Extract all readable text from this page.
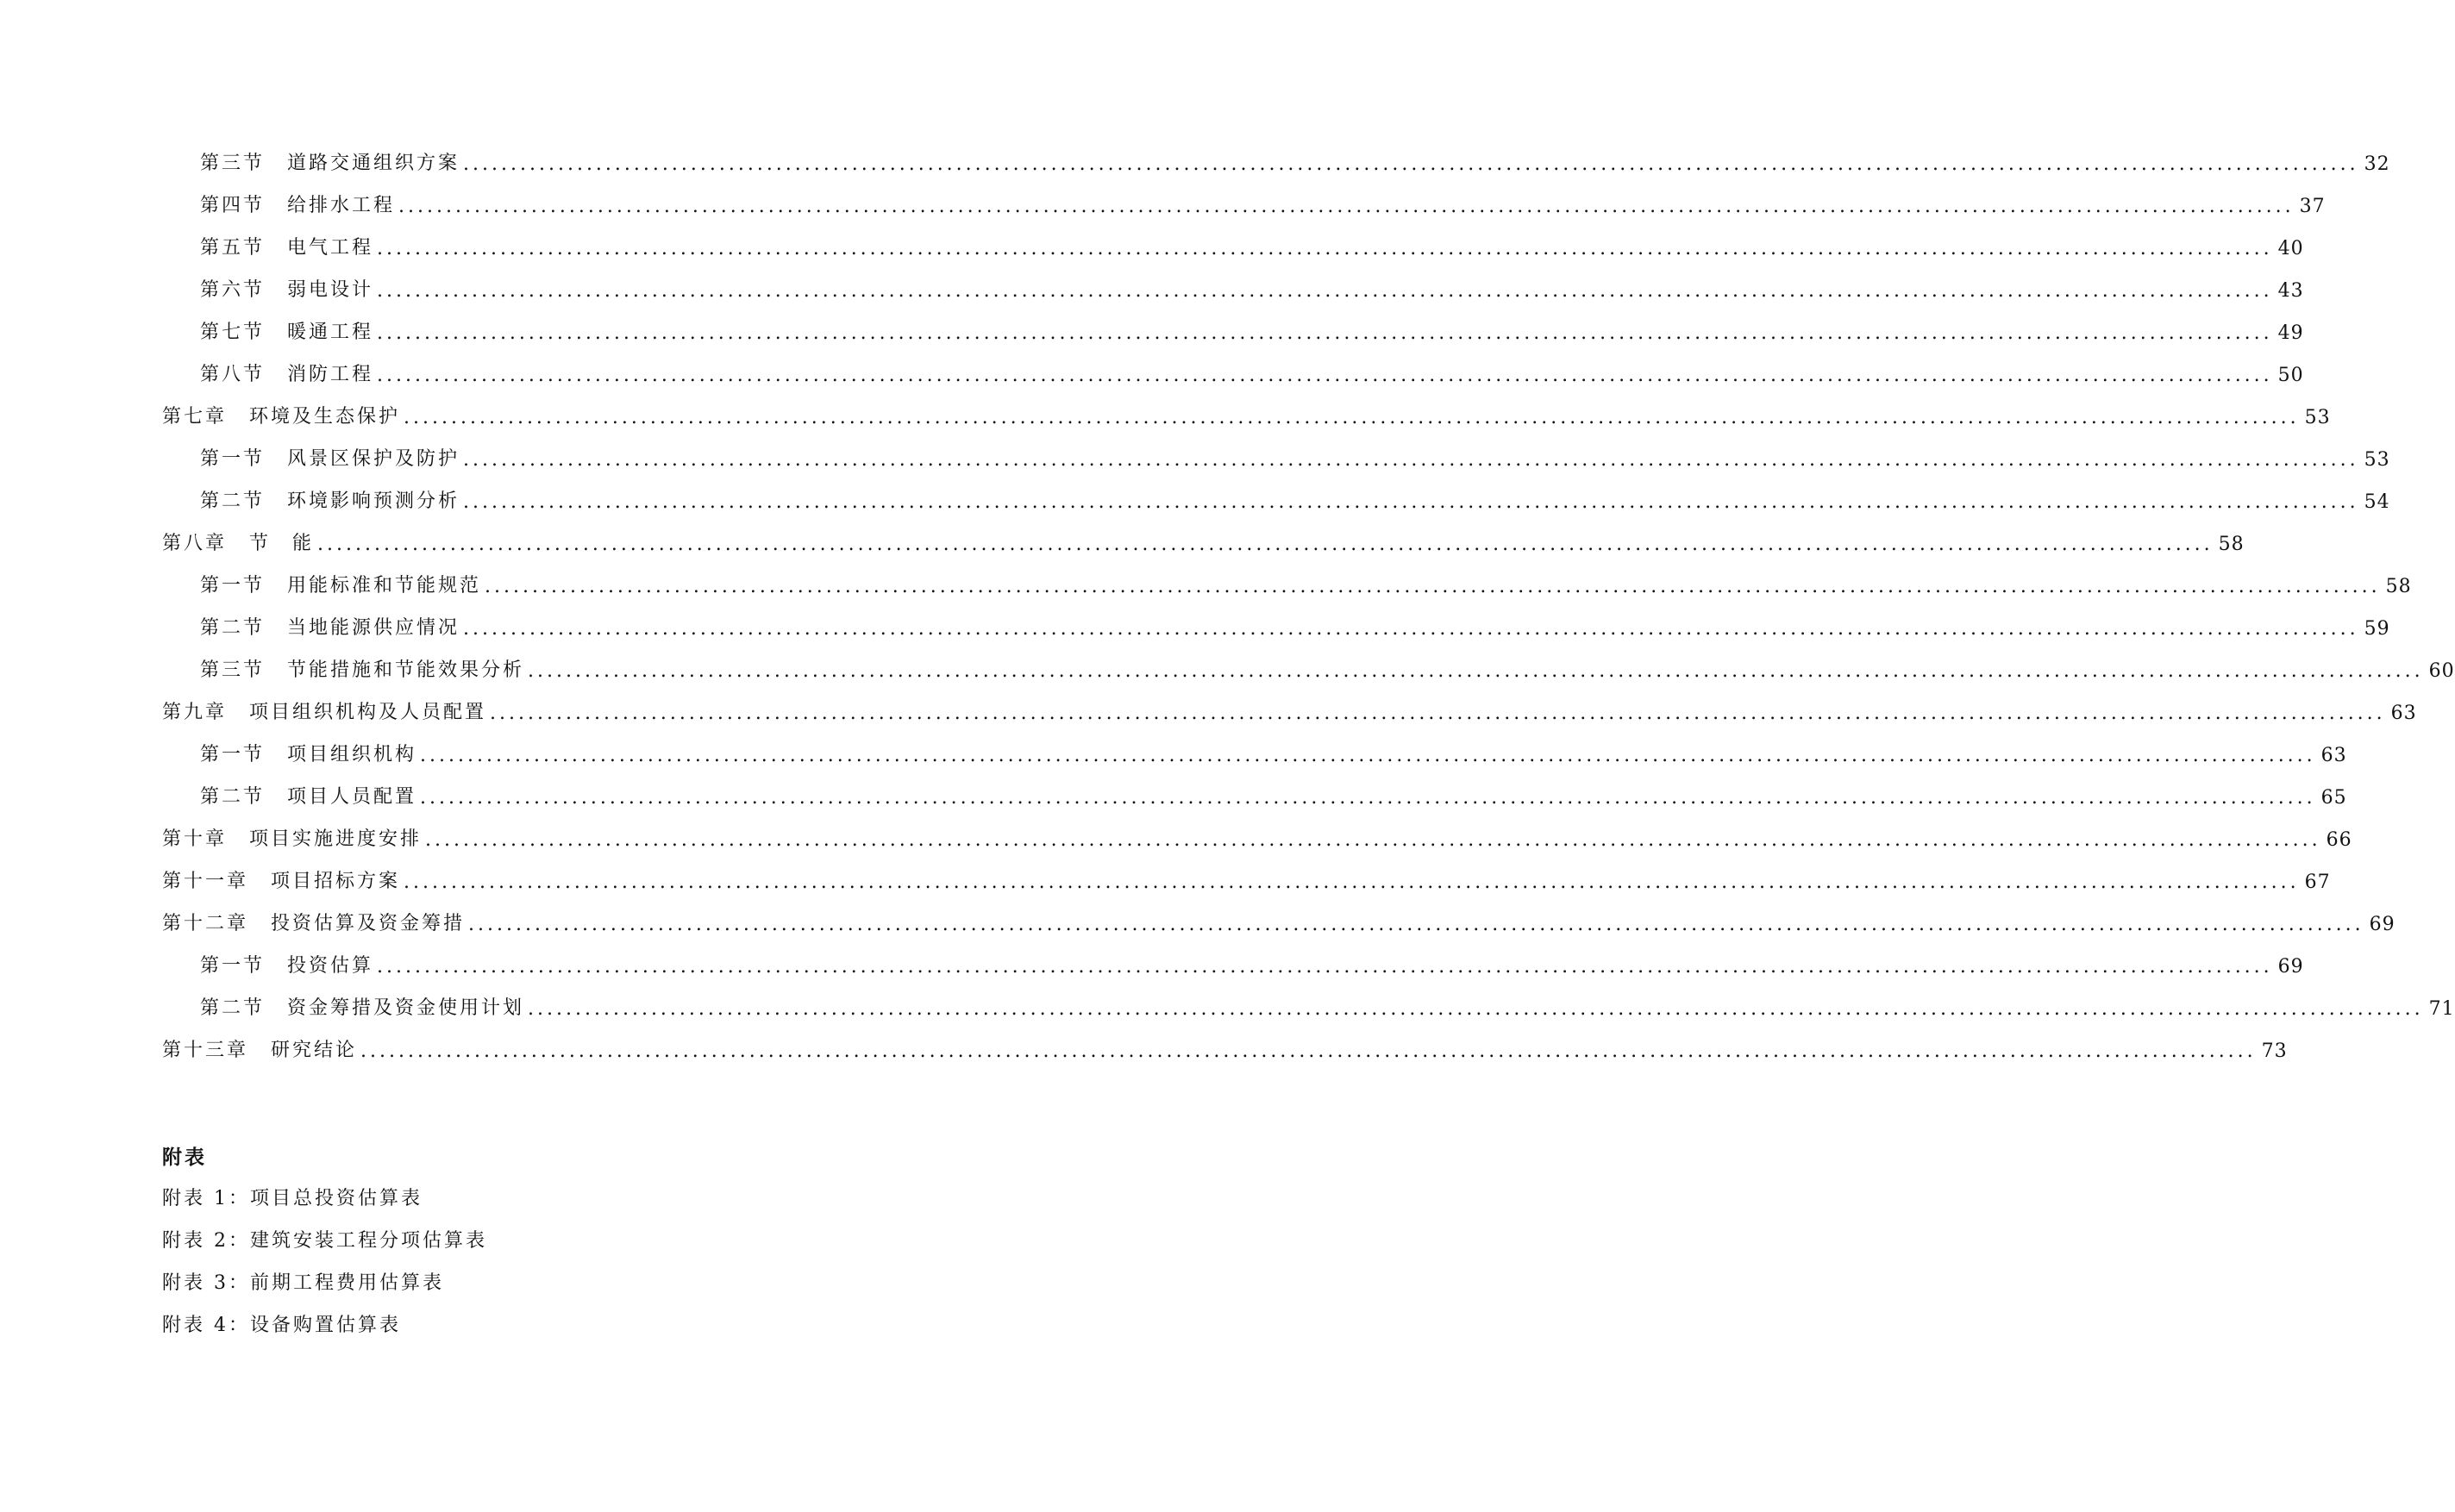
第三节 道路交通组织方案 ........................................................................................................................................................................................................ 32
第四节 给排水工程 ........................................................................................................................................................................................................ 37
第五节 电气工程 ........................................................................................................................................................................................................ 40
第六节 弱电设计 ........................................................................................................................................................................................................ 43
第七节 暖通工程 ........................................................................................................................................................................................................ 49
第八节 消防工程 ........................................................................................................................................................................................................ 50
第七章 环境及生态保护 ........................................................................................................................................................................................................ 53
第一节 风景区保护及防护 ........................................................................................................................................................................................................ 53
第二节 环境影响预测分析 ........................................................................................................................................................................................................ 54
第八章 节　能 ........................................................................................................................................................................................................ 58
第一节 用能标准和节能规范 ........................................................................................................................................................................................................ 58
第二节 当地能源供应情况 ........................................................................................................................................................................................................ 59
第三节 节能措施和节能效果分析 ........................................................................................................................................................................................................ 60
第九章 项目组织机构及人员配置 ........................................................................................................................................................................................................ 63
第一节 项目组织机构 ........................................................................................................................................................................................................ 63
第二节 项目人员配置 ........................................................................................................................................................................................................ 65
第十章 项目实施进度安排 ........................................................................................................................................................................................................ 66
第十一章 项目招标方案 ........................................................................................................................................................................................................ 67
第十二章 投资估算及资金筹措 ........................................................................................................................................................................................................ 69
第一节 投资估算 ........................................................................................................................................................................................................ 69
第二节 资金筹措及资金使用计划 ........................................................................................................................................................................................................ 71
第十三章 研究结论 ........................................................................................................................................................................................................ 73
附表
附表 1：项目总投资估算表
附表 2：建筑安装工程分项估算表
附表 3：前期工程费用估算表
附表 4：设备购置估算表
